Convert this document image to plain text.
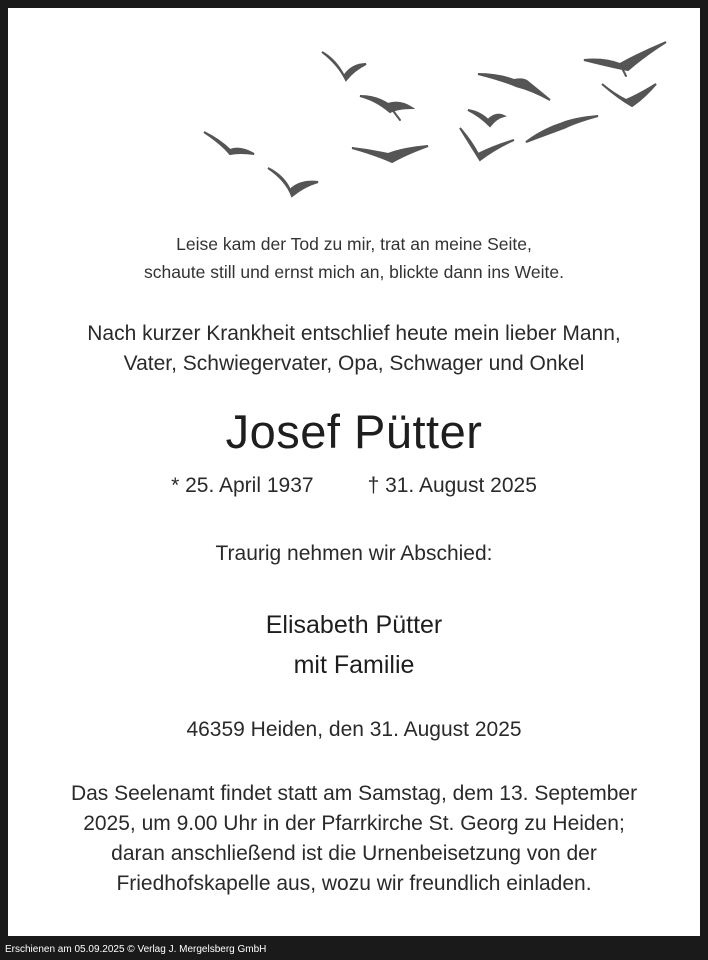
Leise kam der Tod zu mir, trat an meine Seite,
schaute still und ernst mich an, blickte dann ins Weite.
Nach kurzer Krankheit entschlief heute mein lieber Mann,
Vater, Schwiegervater, Opa, Schwager und Onkel
Josef Pütter
* 25. April 1937	† 31. August 2025
Traurig nehmen wir Abschied:
Elisabeth Pütter
mit Familie
46359 Heiden, den 31. August 2025
Das Seelenamt findet statt am Samstag, dem 13. September
2025, um 9.00 Uhr in der Pfarrkirche St. Georg zu Heiden;
daran anschließend ist die Urnenbeisetzung von der
Friedhofskapelle aus, wozu wir freundlich einladen.
Erschienen am 05.09.2025 © Verlag J. Mergelsberg GmbH
